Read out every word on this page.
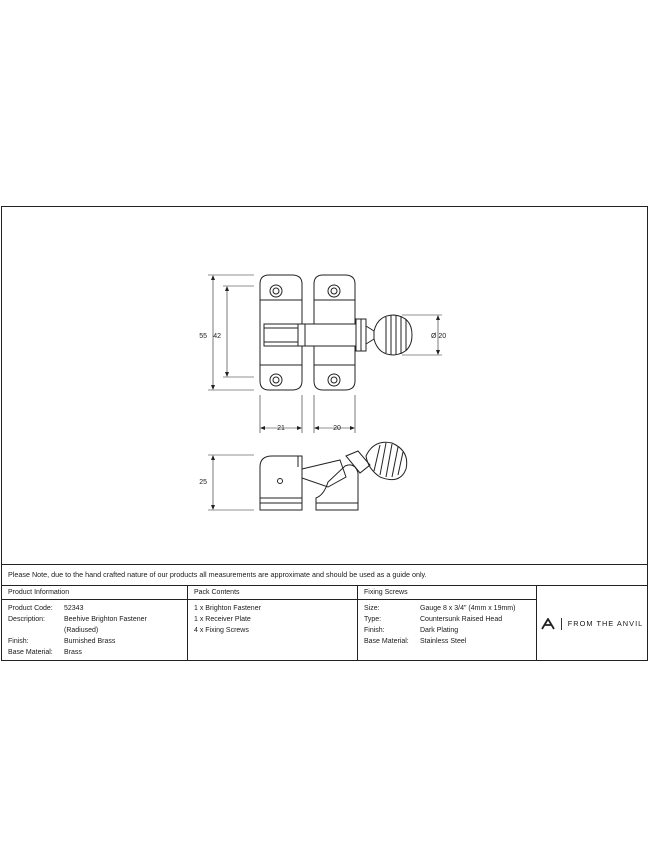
55 42	Ø 20
21	20
25
Please Note, due to the hand crafted nature of our products all measurements are approximate and should be used as a guide only.
Product Information
Product Code:	52343
Description:	Beehive Brighton Fastener
(Radiused)
Finish:	Burnished Brass
Base Material:	Brass
Pack Contents
1 x Brighton Fastener
1 x Receiver Plate
4 x Fixing Screws
Fixing Screws
Size:	Gauge 8 x 3/4" (4mm x 19mm)
Type:	Countersunk Raised Head
Finish:	Dark Plating
Base Material:	Stainless Steel
FROM THE ANVIL
